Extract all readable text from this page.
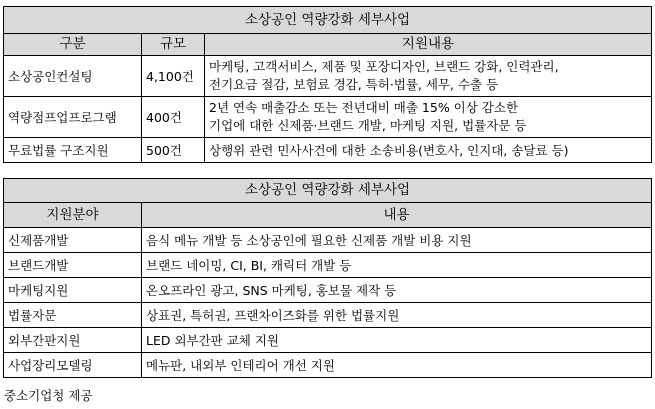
소상공인 역량강화 세부사업		
구분	규모	지원내용
소상공인컨설팅	4,100건	마케팅, 고객서비스, 제품 및 포장디자인, 브랜드 강화, 인력관리,
전기요금 절감, 보험료 경감, 특허·법률, 세무, 수출 등

역량점프업프로그램	400건	2년 연속 매출감소 또는 전년대비 매출 15% 이상 감소한
기업에 대한 신제품·브랜드 개발, 마케팅 지원, 법률자문 등

무료법률 구조지원	500건	상행위 관련 민사사건에 대한 소송비용(변호사, 인지대, 송달료 등)
소상공인 역량강화 세부사업	
지원분야	내용
신제품개발	음식 메뉴 개발 등 소상공인에 필요한 신제품 개발 비용 지원
브랜드개발	브랜드 네이밍, CI, BI, 캐릭터 개발 등
마케팅지원	온오프라인 광고, SNS 마케팅, 홍보물 제작 등
법률자문	상표권, 특허권, 프랜차이즈화를 위한 법률지원
외부간판지원	LED 외부간판 교체 지원
사업장리모델링	메뉴판, 내외부 인테리어 개선 지원
중소기업청 제공
